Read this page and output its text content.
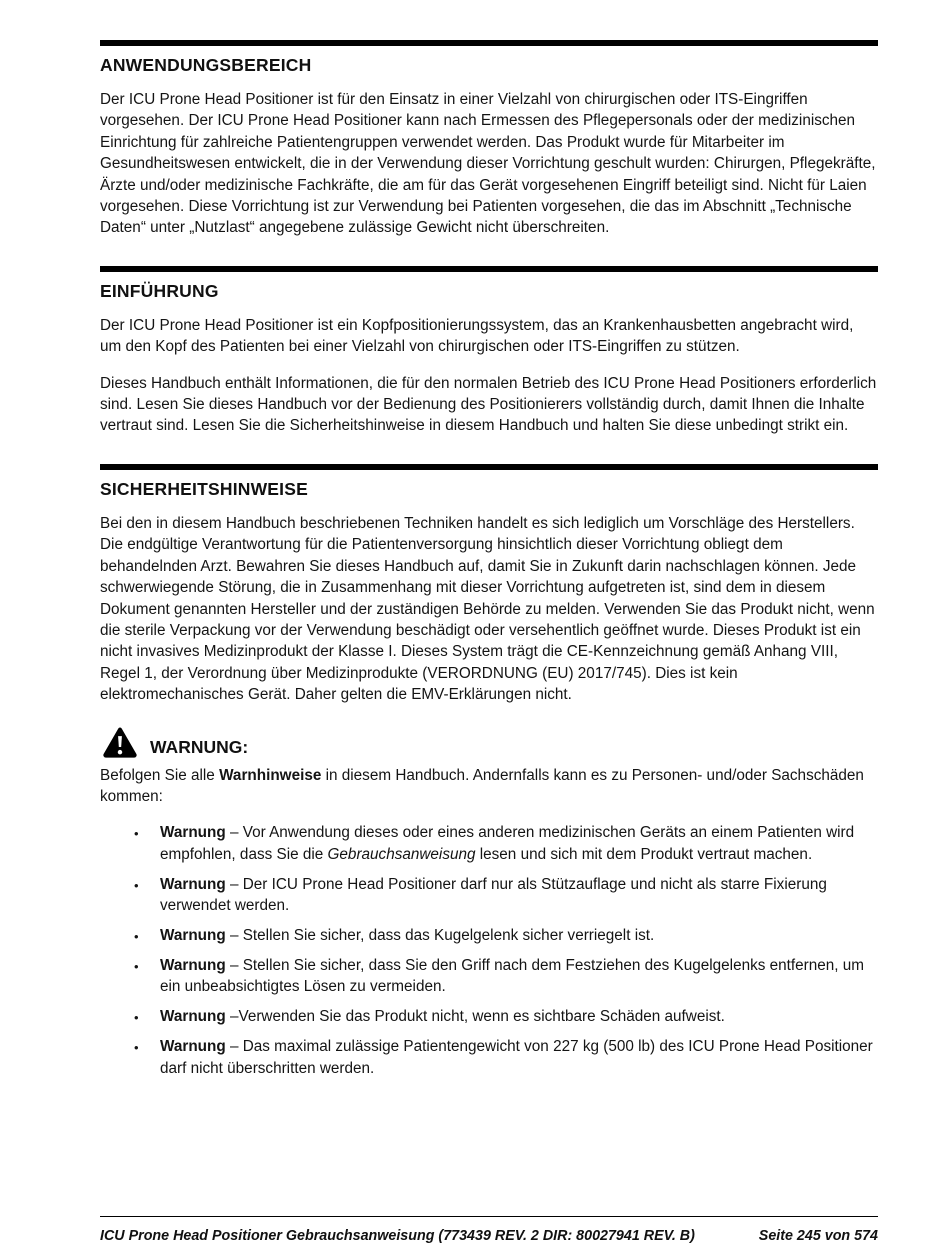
ANWENDUNGSBEREICH

Der ICU Prone Head Positioner ist für den Einsatz in einer Vielzahl von chirurgischen oder ITS-Eingriffen vorgesehen. Der ICU Prone Head Positioner kann nach Ermessen des Pflegepersonals oder der medizinischen Einrichtung für zahlreiche Patientengruppen verwendet werden. Das Produkt wurde für Mitarbeiter im Gesundheitswesen entwickelt, die in der Verwendung dieser Vorrichtung geschult wurden: Chirurgen, Pflegekräfte, Ärzte und/oder medizinische Fachkräfte, die am für das Gerät vorgesehenen Eingriff beteiligt sind. Nicht für Laien vorgesehen. Diese Vorrichtung ist zur Verwendung bei Patienten vorgesehen, die das im Abschnitt „Technische Daten“ unter „Nutzlast“ angegebene zulässige Gewicht nicht überschreiten.

EINFÜHRUNG

Der ICU Prone Head Positioner ist ein Kopfpositionierungssystem, das an Krankenhausbetten angebracht wird, um den Kopf des Patienten bei einer Vielzahl von chirurgischen oder ITS-Eingriffen zu stützen.

Dieses Handbuch enthält Informationen, die für den normalen Betrieb des ICU Prone Head Positioners erforderlich sind. Lesen Sie dieses Handbuch vor der Bedienung des Positionierers vollständig durch, damit Ihnen die Inhalte vertraut sind. Lesen Sie die Sicherheitshinweise in diesem Handbuch und halten Sie diese unbedingt strikt ein.

SICHERHEITSHINWEISE

Bei den in diesem Handbuch beschriebenen Techniken handelt es sich lediglich um Vorschläge des Herstellers. Die endgültige Verantwortung für die Patientenversorgung hinsichtlich dieser Vorrichtung obliegt dem behandelnden Arzt. Bewahren Sie dieses Handbuch auf, damit Sie in Zukunft darin nachschlagen können. Jede schwerwiegende Störung, die in Zusammenhang mit dieser Vorrichtung aufgetreten ist, sind dem in diesem Dokument genannten Hersteller und der zuständigen Behörde zu melden. Verwenden Sie das Produkt nicht, wenn die sterile Verpackung vor der Verwendung beschädigt oder versehentlich geöffnet wurde. Dieses Produkt ist ein nicht invasives Medizinprodukt der Klasse I. Dieses System trägt die CE-Kennzeichnung gemäß Anhang VIII, Regel 1, der Verordnung über Medizinprodukte (VERORDNUNG (EU) 2017/745). Dies ist kein elektromechanisches Gerät. Daher gelten die EMV-Erklärungen nicht.

WARNUNG:

Befolgen Sie alle Warnhinweise in diesem Handbuch. Andernfalls kann es zu Personen- und/oder Sachschäden kommen:

• Warnung – Vor Anwendung dieses oder eines anderen medizinischen Geräts an einem Patienten wird empfohlen, dass Sie die Gebrauchsanweisung lesen und sich mit dem Produkt vertraut machen.
• Warnung – Der ICU Prone Head Positioner darf nur als Stützauflage und nicht als starre Fixierung verwendet werden.
• Warnung – Stellen Sie sicher, dass das Kugelgelenk sicher verriegelt ist.
• Warnung – Stellen Sie sicher, dass Sie den Griff nach dem Festziehen des Kugelgelenks entfernen, um ein unbeabsichtigtes Lösen zu vermeiden.
• Warnung –Verwenden Sie das Produkt nicht, wenn es sichtbare Schäden aufweist.
• Warnung – Das maximal zulässige Patientengewicht von 227 kg (500 lb) des ICU Prone Head Positioner darf nicht überschritten werden.
ICU Prone Head Positioner Gebrauchsanweisung (773439 REV. 2 DIR: 80027941 REV. B)	Seite 245 von 574
